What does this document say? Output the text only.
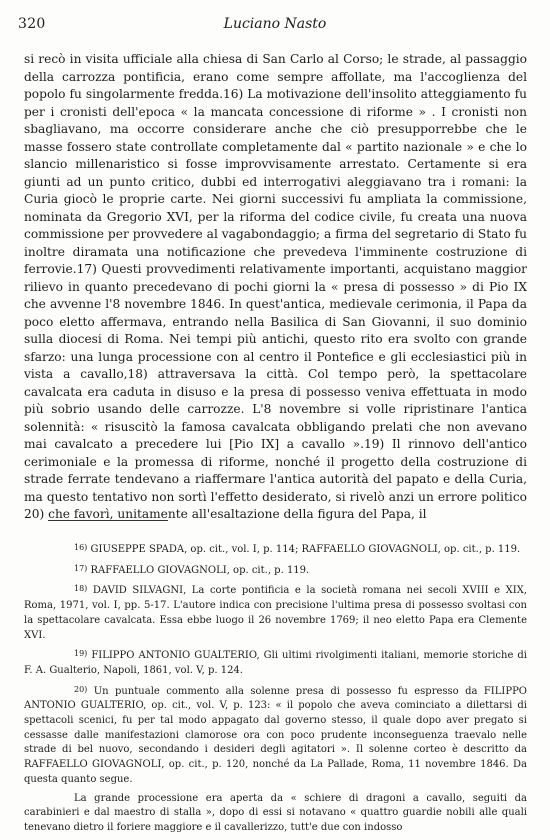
320	Luciano Nasto

si recò in visita ufficiale alla chiesa di San Carlo al Corso; le strade, al passaggio della carrozza pontificia, erano come sempre affollate, ma l'accoglienza del popolo fu singolarmente fredda.16) La motivazione dell'insolito atteggiamento fu per i cronisti dell'epoca « la mancata concessione di riforme » . I cronisti non sbagliavano, ma occorre considerare anche che ciò presupporrebbe che le masse fossero state controllate completamente dal « partito nazionale » e che lo slancio millenaristico si fosse improvvisamente arrestato. Certamente si era giunti ad un punto critico, dubbi ed interrogativi aleggiavano tra i romani: la Curia giocò le proprie carte. Nei giorni successivi fu ampliata la commissione, nominata da Gregorio XVI, per la riforma del codice civile, fu creata una nuova commissione per provvedere al vagabondaggio; a firma del segretario di Stato fu inoltre diramata una notificazione che prevedeva l'imminente costruzione di ferrovie.17) Questi provvedimenti relativamente importanti, acquistano maggior rilievo in quanto precedevano di pochi giorni la « presa di possesso » di Pio IX che avvenne l'8 novembre 1846. In quest'antica, medievale cerimonia, il Papa da poco eletto affermava, entrando nella Basilica di San Giovanni, il suo dominio sulla diocesi di Roma. Nei tempi più antichi, questo rito era svolto con grande sfarzo: una lunga processione con al centro il Pontefice e gli ecclesiastici più in vista a cavallo,18) attraversava la città. Col tempo però, la spettacolare cavalcata era caduta in disuso e la presa di possesso veniva effettuata in modo più sobrio usando delle carrozze. L'8 novembre si volle ripristinare l'antica solennità: « risuscitò la famosa cavalcata obbligando prelati che non avevano mai cavalcato a precedere lui [Pio IX] a cavallo ».19) Il rinnovo dell'antico cerimoniale e la promessa di riforme, nonché il progetto della costruzione di strade ferrate tendevano a riaffermare l'antica autorità del papato e della Curia, ma questo tentativo non sortì l'effetto desiderato, si rivelò anzi un errore politico 20) che favorì, unitamente all'esaltazione della figura del Papa, il

$^{16)}$ GIUSEPPE SPADA, op. cit., vol. I, p. 114; RAFFAELLO GIOVAGNOLI, op. cit., p. 119.

$^{17)}$ RAFFAELLO GIOVAGNOLI, op. cit., p. 119.

$^{18)}$ DAVID SILVAGNI, La corte pontificia e la società romana nei secoli XVIII e XIX, Roma, 1971, vol. I, pp. 5-17. L'autore indica con precisione l'ultima presa di possesso svoltasi con la spettacolare cavalcata. Essa ebbe luogo il 26 novembre 1769; il neo eletto Papa era Clemente XVI.

$^{19)}$ FILIPPO ANTONIO GUALTERIO, Gli ultimi rivolgimenti italiani, memorie storiche di F. A. Gualterio, Napoli, 1861, vol. V, p. 124.

$^{20)}$ Un puntuale commento alla solenne presa di possesso fu espresso da FILIPPO ANTONIO GUALTERIO, op. cit., vol. V, p. 123: « il popolo che aveva cominciato a dilettarsi di spettacoli scenici, fu per tal modo appagato dal governo stesso, il quale dopo aver pregato si cessasse dalle manifestazioni clamorose ora con poco prudente inconseguenza traevalo nelle strade di bel nuovo, secondando i desideri degli agitatori ». Il solenne corteo è descritto da RAFFAELLO GIOVAGNOLI, op. cit., p. 120, nonché da La Pallade, Roma, 11 novembre 1846. Da questa quanto segue.

La grande processione era aperta da « schiere di dragoni a cavallo, seguiti da carabinieri e dal maestro di stalla », dopo di essi si notavano « quattro guardie nobili alle quali tenevano dietro il foriere maggiore e il cavallerizzo, tutt'e due con indosso
